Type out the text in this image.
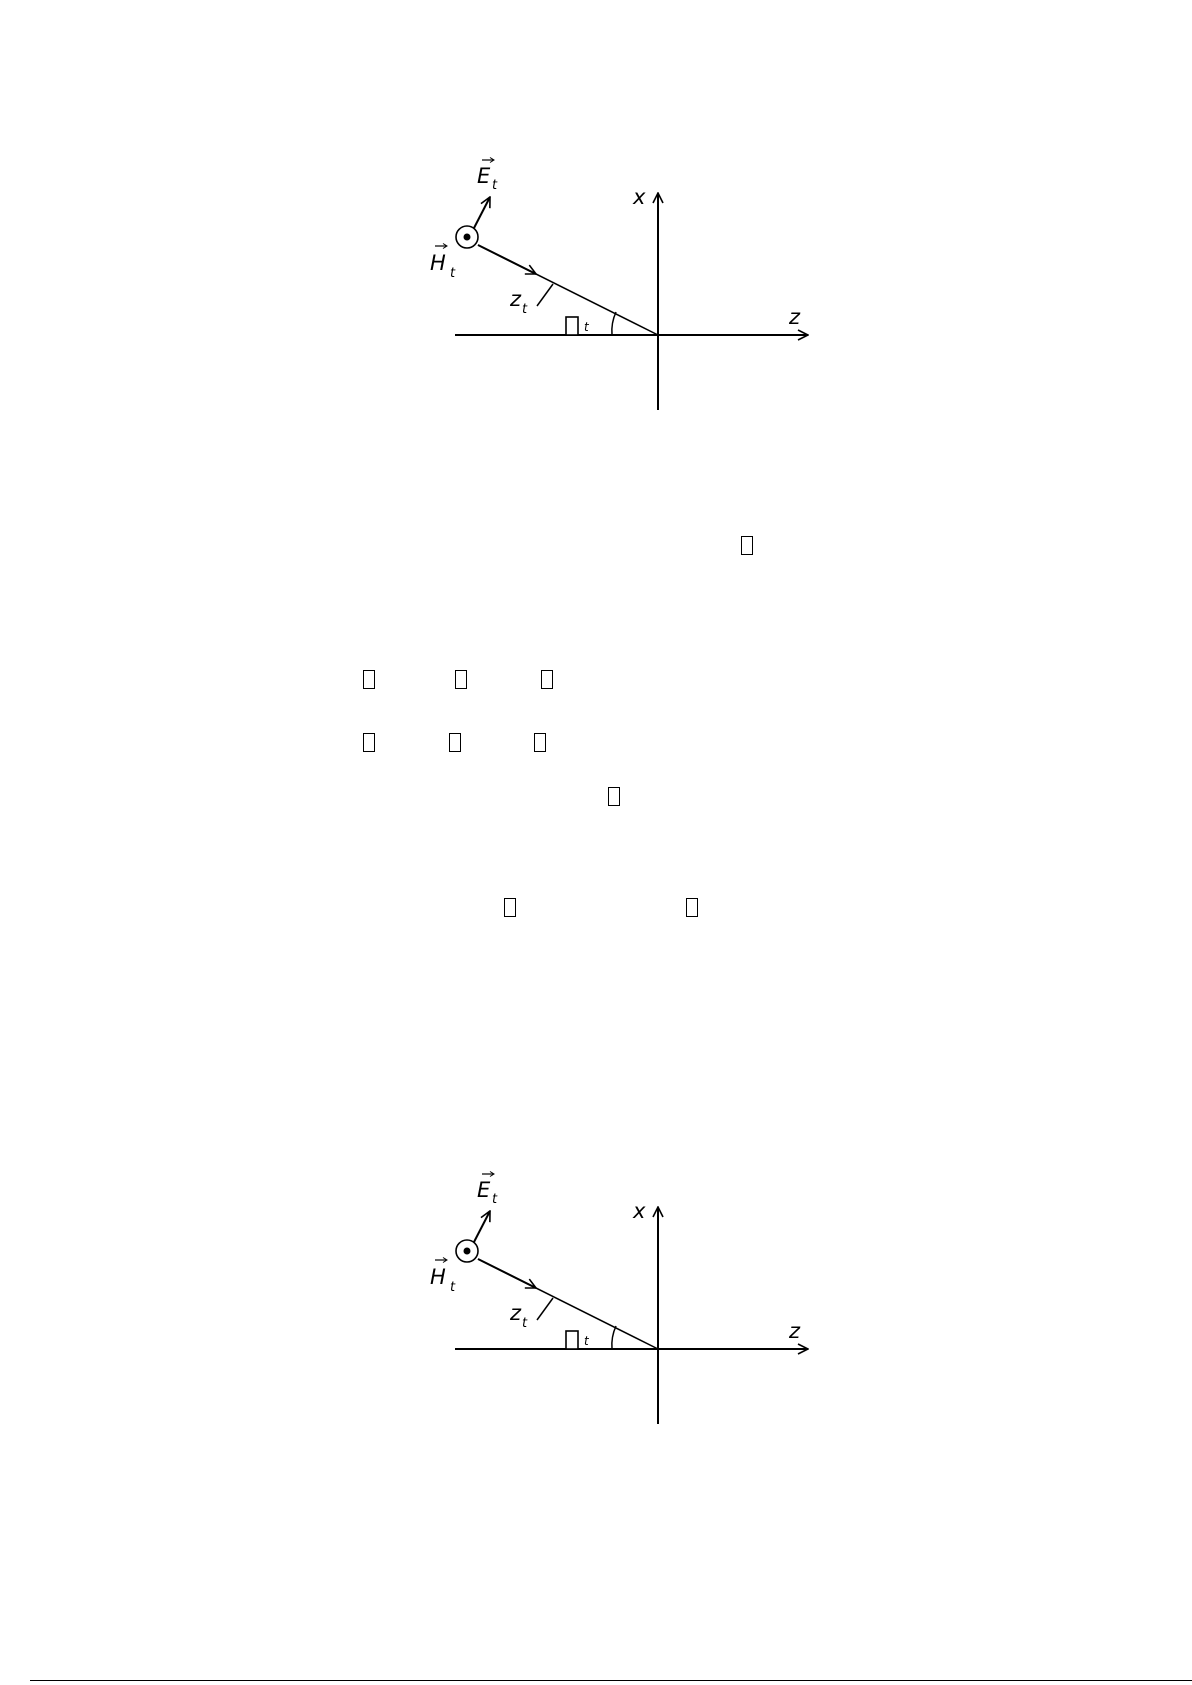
E t
H t
z t
t
x
z
E t
H t
z t
t
x
z
